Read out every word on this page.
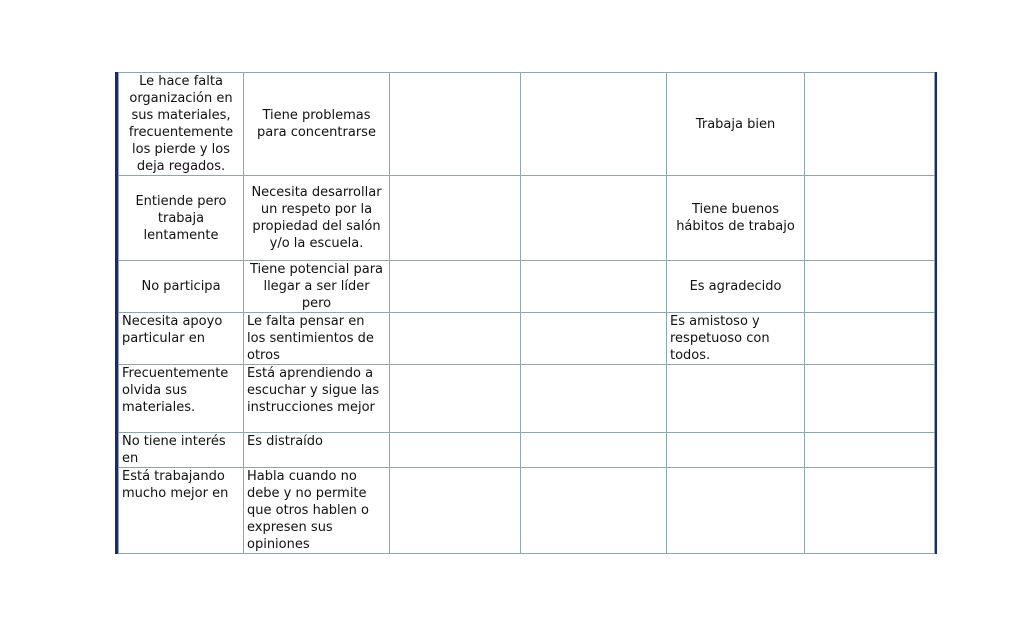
Le hace falta organización en sus materiales, frecuentemente los pierde y los deja regados.	Tiene problemas para concentrarse			Trabaja bien	
Entiende pero trabaja lentamente	Necesita desarrollar un respeto por la propiedad del salón y/o la escuela.			Tiene buenos hábitos de trabajo	
No participa	Tiene potencial para llegar a ser líder pero			Es agradecido	
Necesita apoyo particular en	Le falta pensar en los sentimientos de otros			Es amistoso y respetuoso con todos.	
Frecuentemente olvida sus materiales.	Está aprendiendo a escuchar y sigue las instrucciones mejor				
No tiene interés en	Es distraído				
Está trabajando mucho mejor en	Habla cuando no debe y no permite que otros hablen o expresen sus opiniones				
